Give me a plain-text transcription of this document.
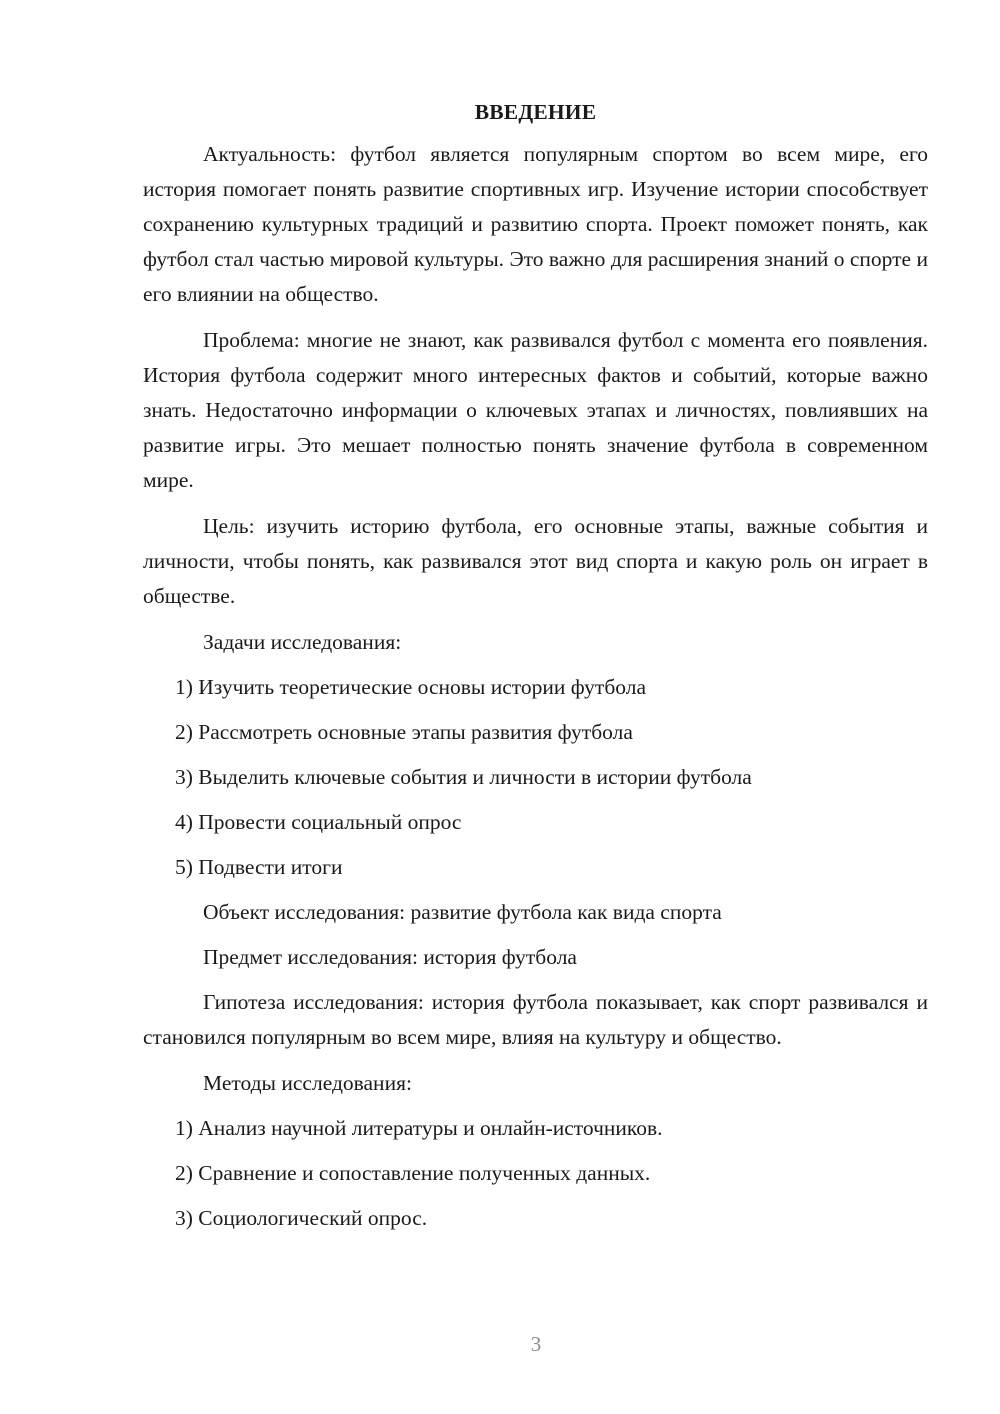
ВВЕДЕНИЕ

Актуальность: футбол является популярным спортом во всем мире, его история помогает понять развитие спортивных игр. Изучение истории способствует сохранению культурных традиций и развитию спорта. Проект поможет понять, как футбол стал частью мировой культуры. Это важно для расширения знаний о спорте и его влиянии на общество.

Проблема: многие не знают, как развивался футбол с момента его появления. История футбола содержит много интересных фактов и событий, которые важно знать. Недостаточно информации о ключевых этапах и личностях, повлиявших на развитие игры. Это мешает полностью понять значение футбола в современном мире.

Цель: изучить историю футбола, его основные этапы, важные события и личности, чтобы понять, как развивался этот вид спорта и какую роль он играет в обществе.

Задачи исследования:
1) Изучить теоретические основы истории футбола
2) Рассмотреть основные этапы развития футбола
3) Выделить ключевые события и личности в истории футбола
4) Провести социальный опрос
5) Подвести итоги
Объект исследования: развитие футбола как вида спорта
Предмет исследования: история футбола

Гипотеза исследования: история футбола показывает, как спорт развивался и становился популярным во всем мире, влияя на культуру и общество.

Методы исследования:
1) Анализ научной литературы и онлайн-источников.
2) Сравнение и сопоставление полученных данных.
3) Социологический опрос.
3
